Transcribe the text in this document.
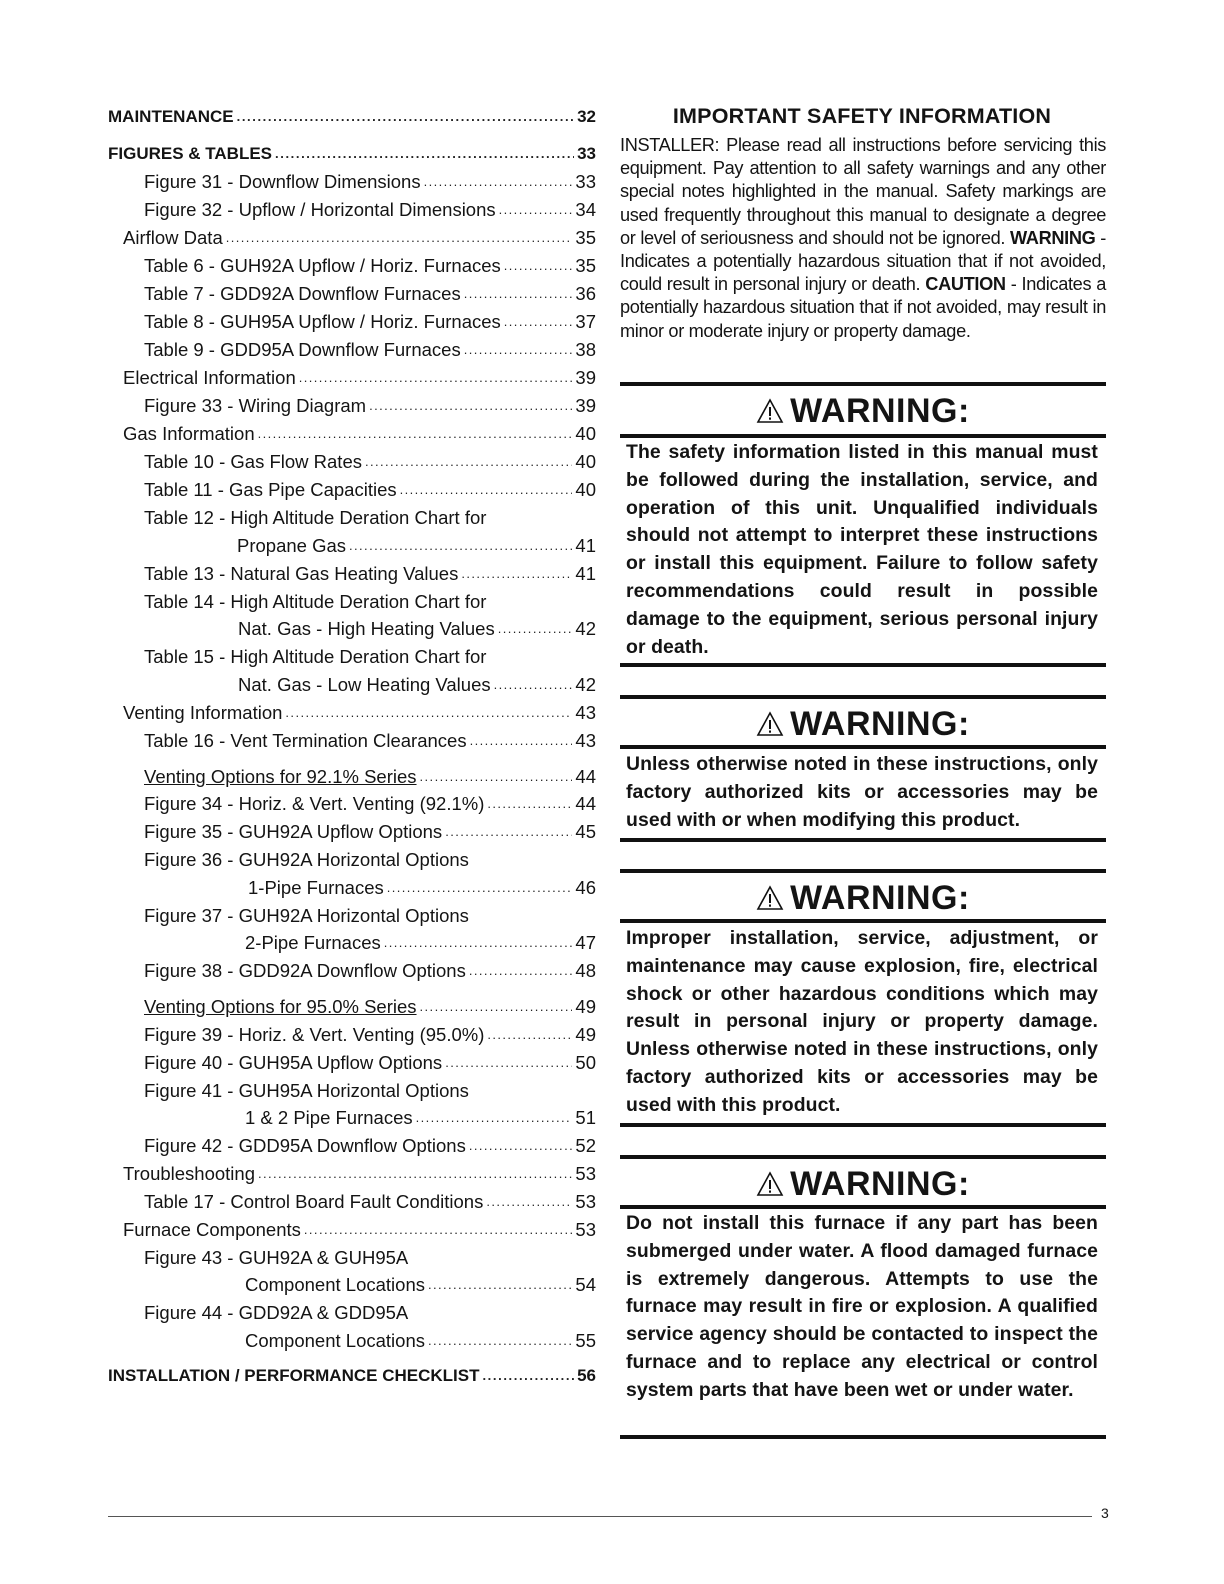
MAINTENANCE .....	32
FIGURES & TABLES .....	33
Figure 31 - Downflow Dimensions .....	33
Figure 32 - Upflow / Horizontal Dimensions .....	34
Airflow Data .....	35
Table 6 - GUH92A Upflow / Horiz. Furnaces .....	35
Table 7 - GDD92A Downflow Furnaces .....	36
Table 8 - GUH95A Upflow / Horiz. Furnaces .....	37
Table 9 - GDD95A Downflow Furnaces .....	38
Electrical Information .....	39
Figure 33 - Wiring Diagram .....	39
Gas Information .....	40
Table 10 - Gas Flow Rates .....	40
Table 11 - Gas Pipe Capacities .....	40
Table 12 - High Altitude Deration Chart for
Propane Gas .....	41
Table 13 - Natural Gas Heating Values .....	41
Table 14 - High Altitude Deration Chart for
Nat. Gas - High Heating Values .....	42
Table 15 - High Altitude Deration Chart for
Nat. Gas - Low Heating Values .....	42
Venting Information .....	43
Table 16 - Vent Termination Clearances .....	43
Venting Options for 92.1% Series .....	44
Figure 34 - Horiz. & Vert. Venting (92.1%) .....	44
Figure 35 - GUH92A Upflow Options .....	45
Figure 36 - GUH92A Horizontal Options
1-Pipe Furnaces .....	46
Figure 37 - GUH92A Horizontal Options
2-Pipe Furnaces .....	47
Figure 38 - GDD92A Downflow Options .....	48
Venting Options for 95.0% Series .....	49
Figure 39 - Horiz. & Vert. Venting (95.0%) .....	49
Figure 40 - GUH95A Upflow Options .....	50
Figure 41 - GUH95A Horizontal Options
1 & 2 Pipe Furnaces .....	51
Figure 42 - GDD95A Downflow Options .....	52
Troubleshooting .....	53
Table 17 - Control Board Fault Conditions .....	53
Furnace Components .....	53
Figure 43 - GUH92A & GUH95A
Component Locations .....	54
Figure 44 - GDD92A & GDD95A
Component Locations .....	55
INSTALLATION / PERFORMANCE CHECKLIST .....	56
IMPORTANT SAFETY INFORMATION
INSTALLER: Please read all instructions before servicing this equipment. Pay attention to all safety warnings and any other special notes highlighted in the manual. Safety markings are used frequently throughout this manual to designate a degree or level of seriousness and should not be ignored. WARNING - Indicates a potentially hazardous situation that if not avoided, could result in personal injury or death. CAUTION - Indicates a potentially hazardous situation that if not avoided, may result in minor or moderate injury or property damage.
WARNING:
The safety information listed in this manual must be followed during the installation, service, and operation of this unit. Unqualified individuals should not attempt to interpret these instructions or install this equipment. Failure to follow safety recommendations could result in possible damage to the equipment, serious personal injury or death.
WARNING:
Unless otherwise noted in these instructions, only factory authorized kits or accessories may be used with or when modifying this product.
WARNING:
Improper installation, service, adjustment, or maintenance may cause explosion, fire, electrical shock or other hazardous conditions which may result in personal injury or property damage. Unless otherwise noted in these instructions, only factory authorized kits or accessories may be used with this product.
WARNING:
Do not install this furnace if any part has been submerged under water. A flood damaged furnace is extremely dangerous. Attempts to use the furnace may result in fire or explosion. A qualified service agency should be contacted to inspect the furnace and to replace any electrical or control system parts that have been wet or under water.
3
